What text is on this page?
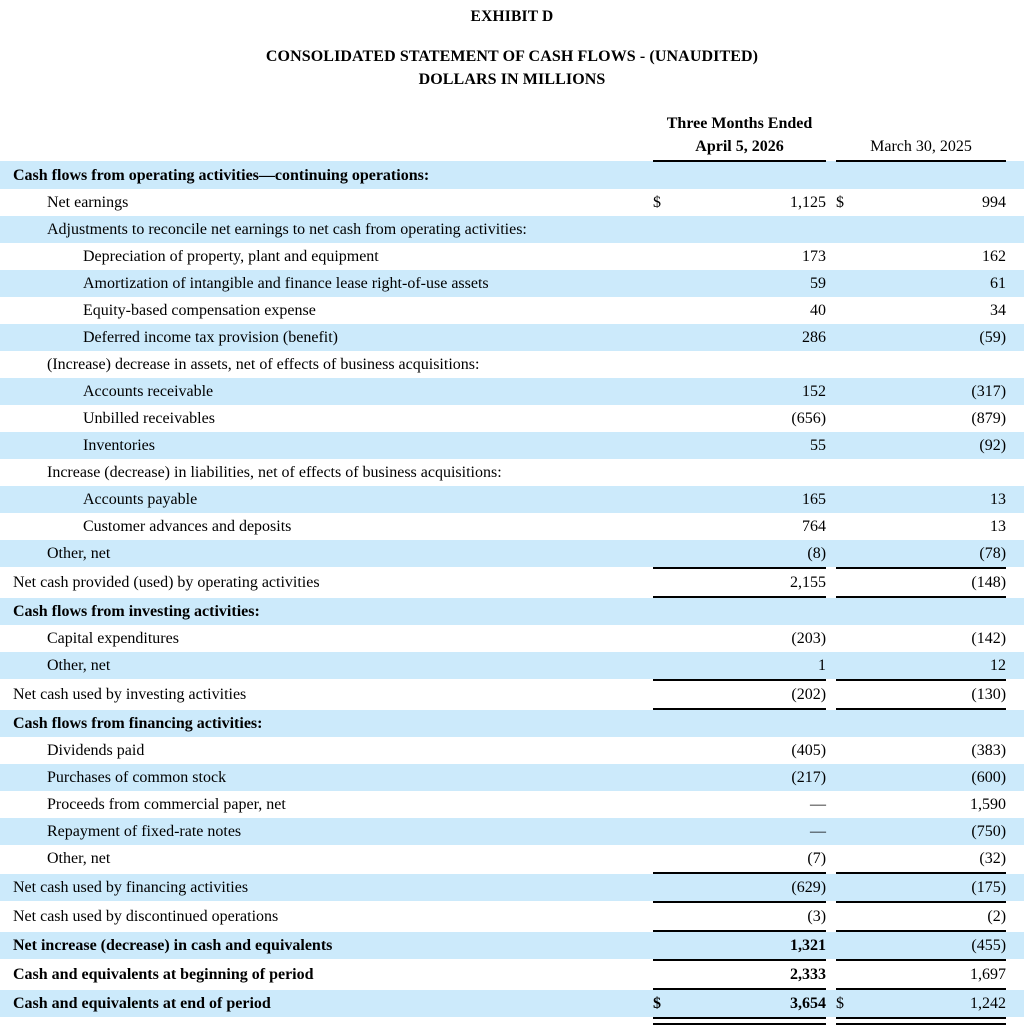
EXHIBIT D
CONSOLIDATED STATEMENT OF CASH FLOWS - (UNAUDITED)
DOLLARS IN MILLIONS
	Three Months Ended					
	April 5, 2026			March 30, 2025		
Cash flows from operating activities—continuing operations:						
Net earnings	$	1,125		$	994	
Adjustments to reconcile net earnings to net cash from operating activities:						
Depreciation of property, plant and equipment		173			162	
Amortization of intangible and finance lease right-of-use assets		59			61	
Equity-based compensation expense		40			34	
Deferred income tax provision (benefit)		286			(59)	
(Increase) decrease in assets, net of effects of business acquisitions:						
Accounts receivable		152			(317)	
Unbilled receivables		(656)			(879)	
Inventories		55			(92)	
Increase (decrease) in liabilities, net of effects of business acquisitions:						
Accounts payable		165			13	
Customer advances and deposits		764			13	
Other, net		(8)			(78)	

Net cash provided (used) by operating activities		2,155			(148)	

Cash flows from investing activities:						
Capital expenditures		(203)			(142)	
Other, net		1			12	

Net cash used by investing activities		(202)			(130)	

Cash flows from financing activities:						
Dividends paid		(405)			(383)	
Purchases of common stock		(217)			(600)	
Proceeds from commercial paper, net		—			1,590	
Repayment of fixed-rate notes		—			(750)	
Other, net		(7)			(32)	

Net cash used by financing activities		(629)			(175)	

Net cash used by discontinued operations		(3)			(2)	

Net increase (decrease) in cash and equivalents		1,321			(455)	

Cash and equivalents at beginning of period		2,333			1,697	

Cash and equivalents at end of period	$	3,654		$	1,242	
